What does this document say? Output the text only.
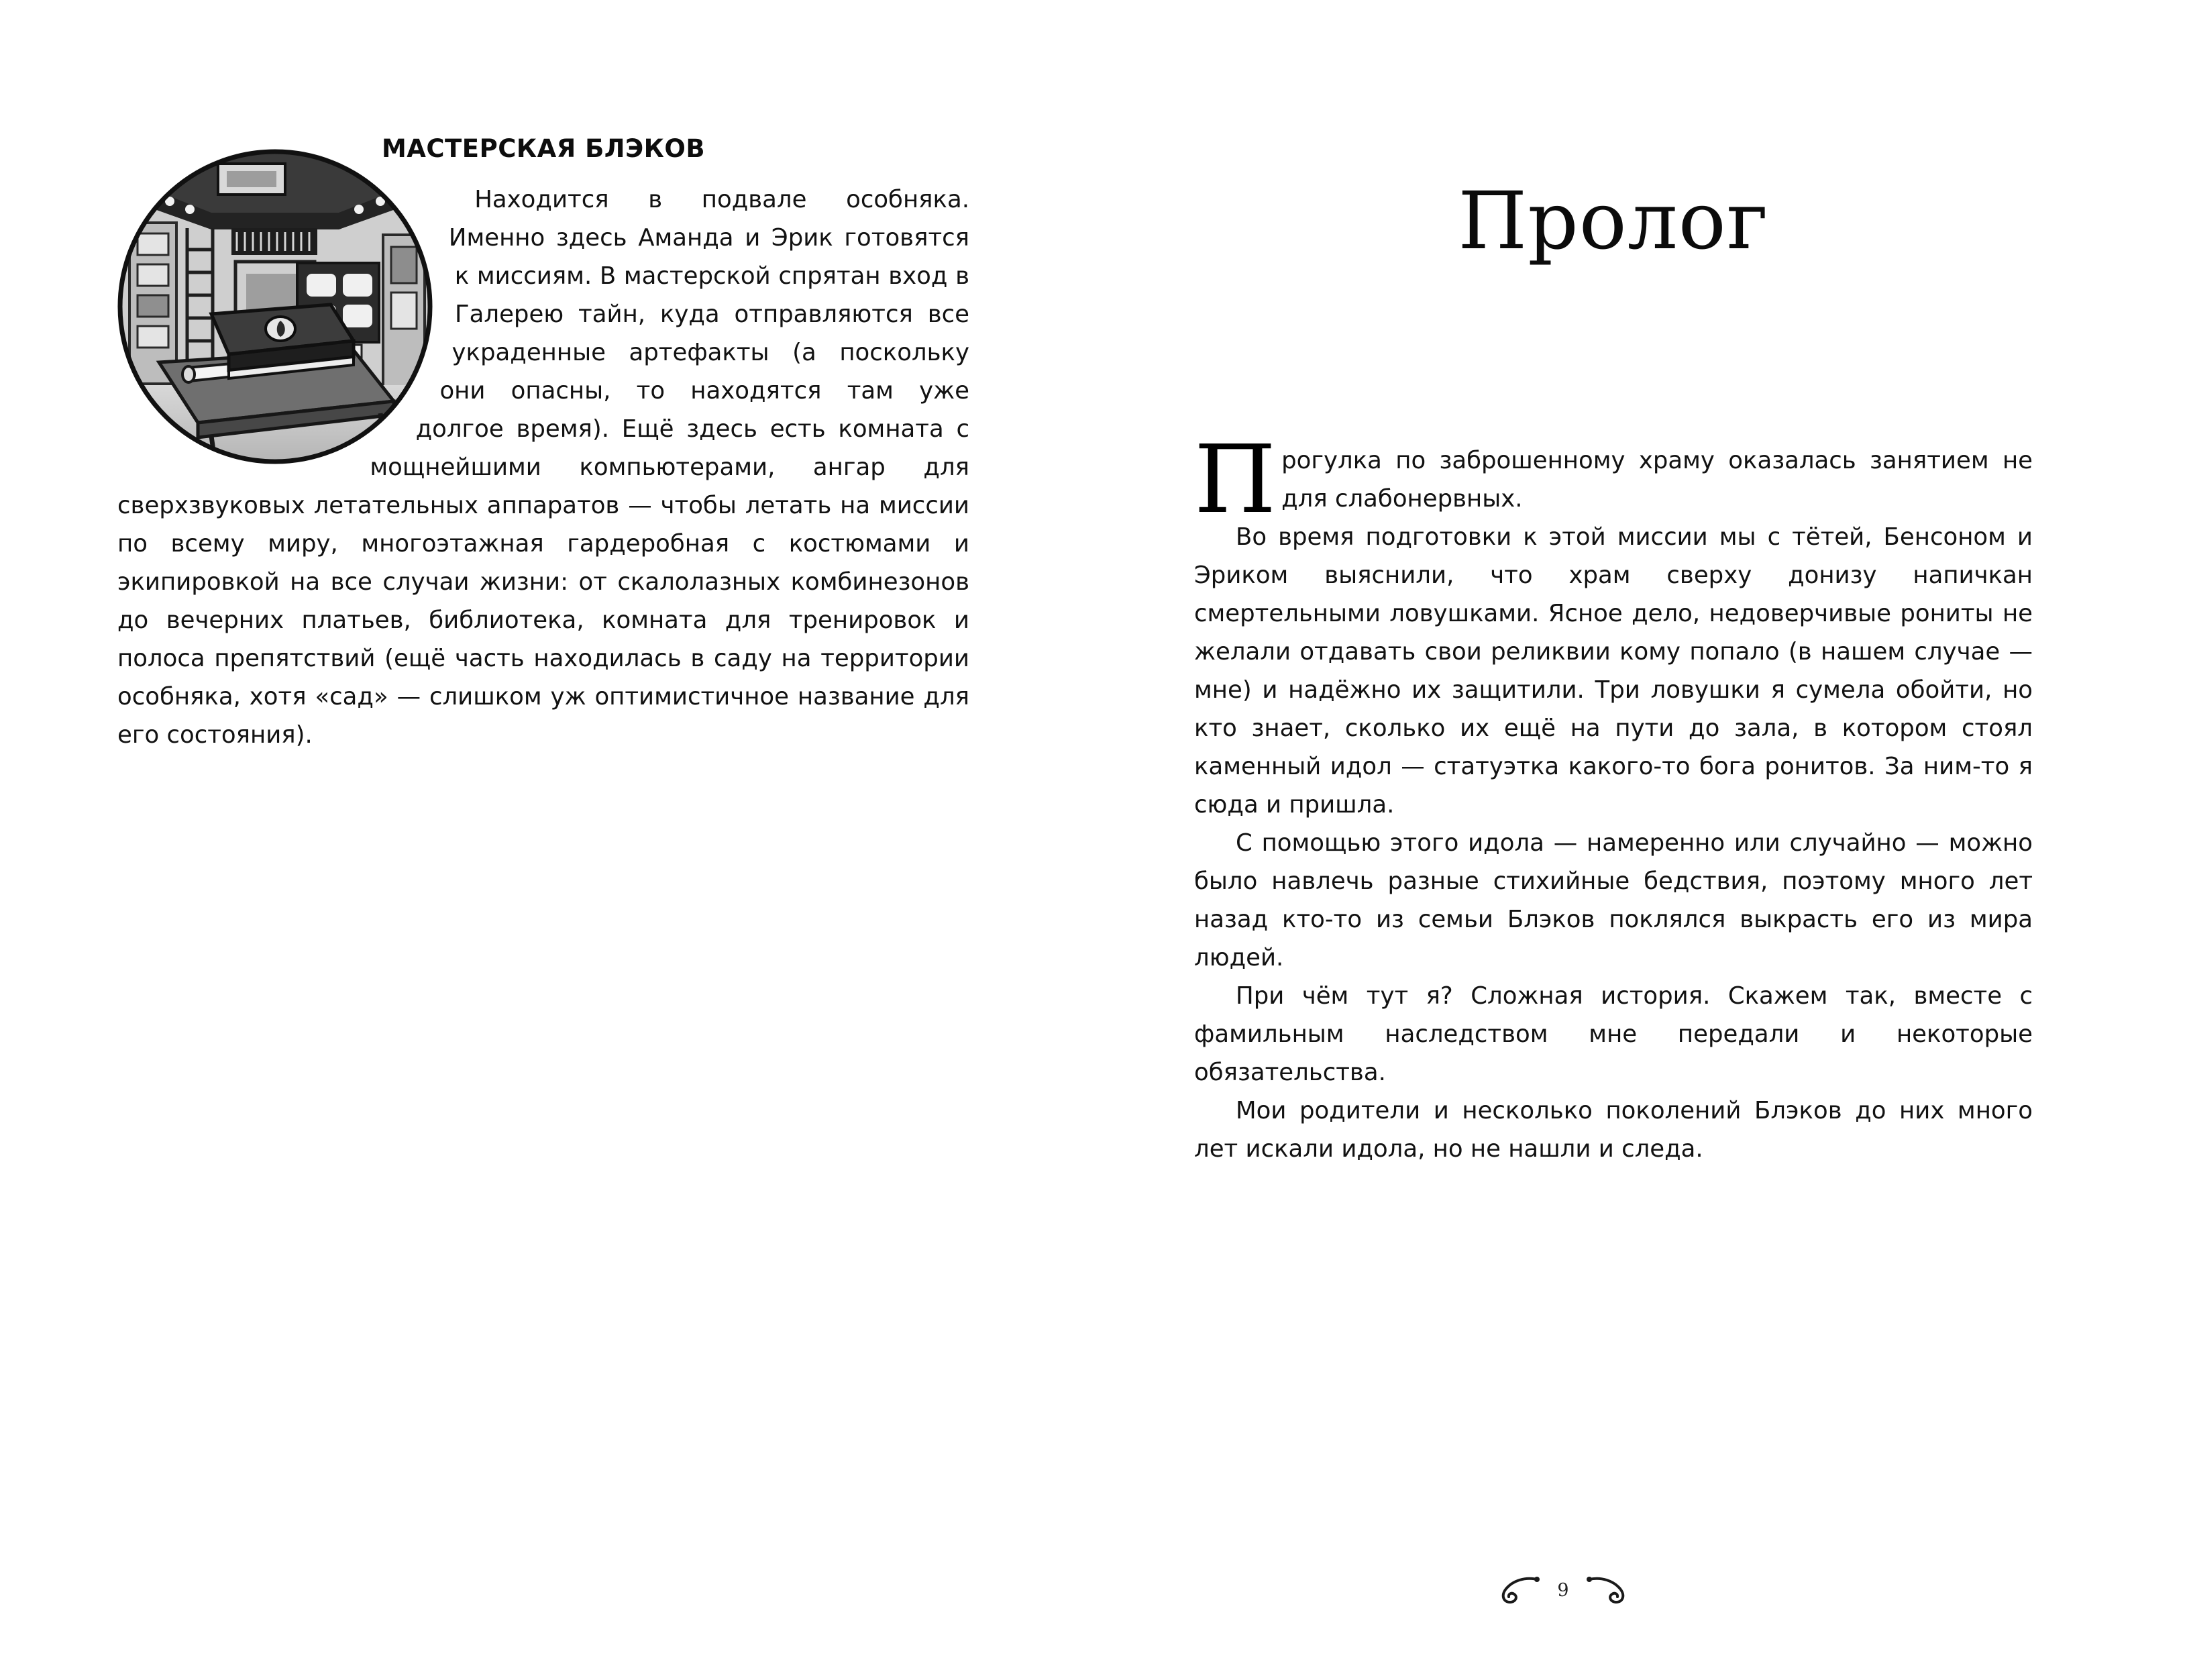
МАСТЕРСКАЯ БЛЭКОВ

Находится в подвале особняка. Именно здесь Аманда и Эрик готовятся к миссиям. В мастерской спрятан вход в Галерею тайн, куда отправляются все украденные артефакты (а поскольку они опасны, то находятся там уже долгое время). Ещё здесь есть комната с мощнейшими компьютерами, ангар для сверхзвуковых летательных аппаратов — чтобы летать на миссии по всему миру, многоэтажная гардеробная с костюмами и экипировкой на все случаи жизни: от скалолазных комбинезонов до вечерних платьев, библиотека, комната для тренировок и полоса препятствий (ещё часть находилась в саду на территории особняка, хотя «сад» — слишком уж оптимистичное название для его состояния).

Пролог

Прогулка по заброшенному храму оказалась занятием не для слабонервных.

Во время подготовки к этой миссии мы с тётей, Бенсоном и Эриком выяснили, что храм сверху донизу напичкан смертельными ловушками. Ясное дело, недоверчивые рониты не желали отдавать свои реликвии кому попало (в нашем случае — мне) и надёжно их защитили. Три ловушки я сумела обойти, но кто знает, сколько их ещё на пути до зала, в котором стоял каменный идол — статуэтка какого-то бога ронитов. За ним-то я сюда и пришла.

С помощью этого идола — намеренно или случайно — можно было навлечь разные стихийные бедствия, поэтому много лет назад кто-то из семьи Блэков поклялся выкрасть его из мира людей.

При чём тут я? Сложная история. Скажем так, вместе с фамильным наследством мне передали и некоторые обязательства.

Мои родители и несколько поколений Блэков до них много лет искали идола, но не нашли и следа.

9
